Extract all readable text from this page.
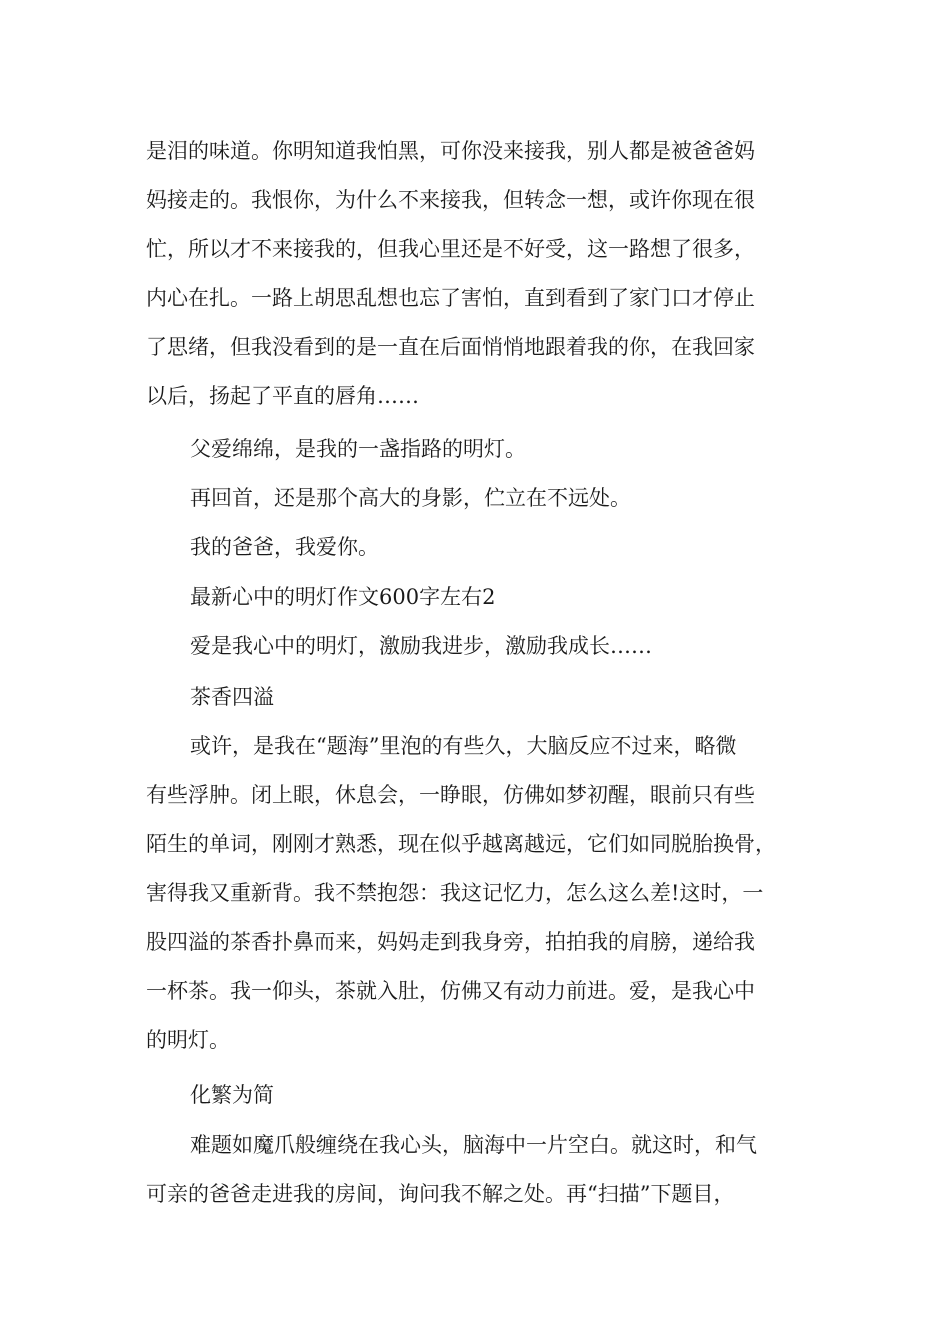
是泪的味道。你明知道我怕黑，可你没来接我，别人都是被爸爸妈
妈接走的。我恨你，为什么不来接我，但转念一想，或许你现在很
忙，所以才不来接我的，但我心里还是不好受，这一路想了很多，
内心在扎。一路上胡思乱想也忘了害怕，直到看到了家门口才停止
了思绪，但我没看到的是一直在后面悄悄地跟着我的你，在我回家
以后，扬起了平直的唇角……
父爱绵绵，是我的一盏指路的明灯。
再回首，还是那个高大的身影，伫立在不远处。
我的爸爸，我爱你。
最新心中的明灯作文600字左右2
爱是我心中的明灯，激励我进步，激励我成长……
茶香四溢
或许，是我在“题海”里泡的有些久，大脑反应不过来，略微
有些浮肿。闭上眼，休息会，一睁眼，仿佛如梦初醒，眼前只有些
陌生的单词，刚刚才熟悉，现在似乎越离越远，它们如同脱胎换骨，
害得我又重新背。我不禁抱怨：我这记忆力，怎么这么差!这时，一
股四溢的茶香扑鼻而来，妈妈走到我身旁，拍拍我的肩膀，递给我
一杯茶。我一仰头，茶就入肚，仿佛又有动力前进。爱，是我心中
的明灯。
化繁为简
难题如魔爪般缠绕在我心头，脑海中一片空白。就这时，和气
可亲的爸爸走进我的房间，询问我不解之处。再“扫描”下题目，
